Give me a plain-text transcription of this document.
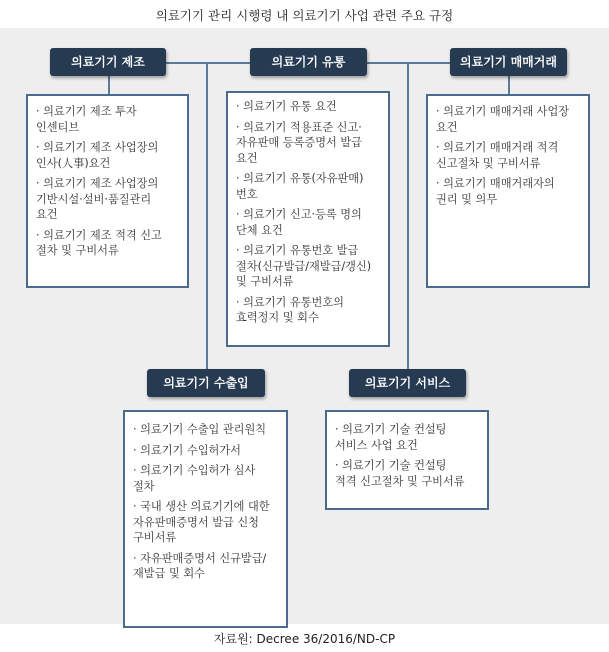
의료기기 관리 시행령 내 의료기기 사업 관련 주요 규정
의료기기 제조	의료기기 유통	의료기기 매매거래
· 의료기기 제조 투자
인센티브
· 의료기기 제조 사업장의
인사(人事)요건
· 의료기기 제조 사업장의
기반시설·설비·품질관리
요건
· 의료기기 제조 적격 신고
절차 및 구비서류
· 의료기기 유통 요건
· 의료기기 적용표준 신고·
자유판매 등록증명서 발급
요건
· 의료기기 유통(자유판매)
번호
· 의료기기 신고·등록 명의
단체 요건
· 의료기기 유통번호 발급
절차(신규발급/재발급/갱신)
및 구비서류
· 의료기기 유통번호의
효력정지 및 회수
· 의료기기 매매거래 사업장
요건
· 의료기기 매매거래 적격
신고절차 및 구비서류
· 의료기기 매매거래자의
권리 및 의무
의료기기 수출입	의료기기 서비스
· 의료기기 수출입 관리원칙
· 의료기기 수입허가서
· 의료기기 수입허가 심사
절차
· 국내 생산 의료기기에 대한
자유판매증명서 발급 신청
구비서류
· 자유판매증명서 신규발급/
재발급 및 회수
· 의료기기 기술 컨설팅
서비스 사업 요건
· 의료기기 기술 컨설팅
적격 신고절차 및 구비서류
자료원: Decree 36/2016/ND-CP
